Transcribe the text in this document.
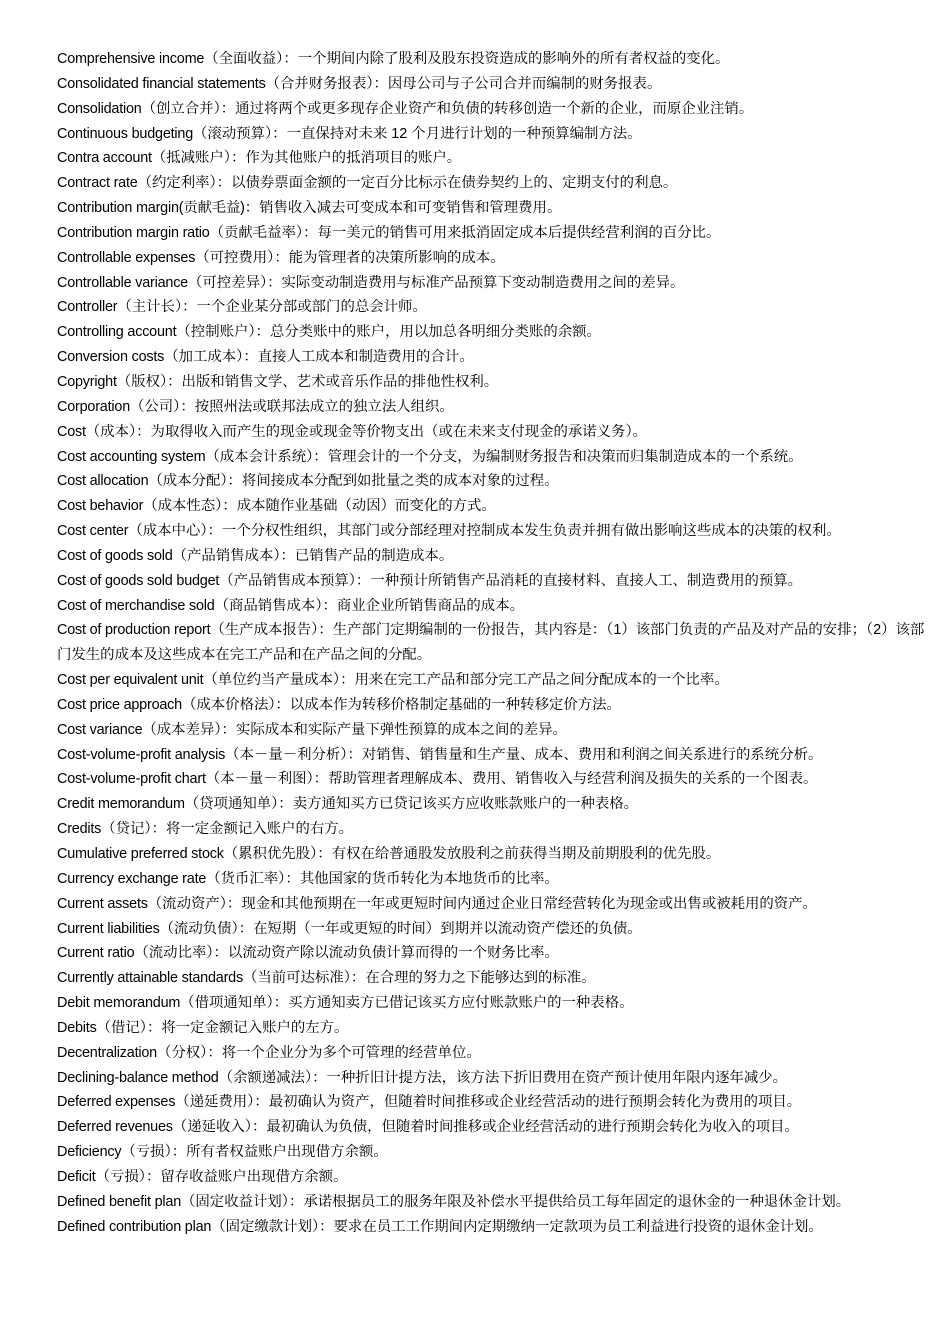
Comprehensive income（全面收益）：一个期间内除了股利及股东投资造成的影响外的所有者权益的变化。

Consolidated financial statements（合并财务报表）：因母公司与子公司合并而编制的财务报表。

Consolidation（创立合并）：通过将两个或更多现存企业资产和负债的转移创造一个新的企业，而原企业注销。

Continuous budgeting（滚动预算）：一直保持对未来 12 个月进行计划的一种预算编制方法。

Contra account（抵减账户）：作为其他账户的抵消项目的账户。

Contract rate（约定利率）：以债券票面金额的一定百分比标示在债券契约上的、定期支付的利息。

Contribution margin(贡献毛益)：销售收入减去可变成本和可变销售和管理费用。

Contribution margin ratio（贡献毛益率）：每一美元的销售可用来抵消固定成本后提供经营利润的百分比。

Controllable expenses（可控费用）：能为管理者的决策所影响的成本。

Controllable variance（可控差异）：实际变动制造费用与标准产品预算下变动制造费用之间的差异。

Controller（主计长）：一个企业某分部或部门的总会计师。

Controlling account（控制账户）：总分类账中的账户，用以加总各明细分类账的余额。

Conversion costs（加工成本）：直接人工成本和制造费用的合计。

Copyright（版权）：出版和销售文学、艺术或音乐作品的排他性权利。

Corporation（公司）：按照州法或联邦法成立的独立法人组织。

Cost（成本）：为取得收入而产生的现金或现金等价物支出（或在未来支付现金的承诺义务）。

Cost accounting system（成本会计系统）：管理会计的一个分支，为编制财务报告和决策而归集制造成本的一个系统。

Cost allocation（成本分配）：将间接成本分配到如批量之类的成本对象的过程。

Cost behavior（成本性态）：成本随作业基础（动因）而变化的方式。

Cost center（成本中心）：一个分权性组织，其部门或分部经理对控制成本发生负责并拥有做出影响这些成本的决策的权利。

Cost of goods sold（产品销售成本）：已销售产品的制造成本。

Cost of goods sold budget（产品销售成本预算）：一种预计所销售产品消耗的直接材料、直接人工、制造费用的预算。

Cost of merchandise sold（商品销售成本）：商业企业所销售商品的成本。

Cost of production report（生产成本报告）：生产部门定期编制的一份报告，其内容是：（1）该部门负责的产品及对产品的安排；（2）该部门发生的成本及这些成本在完工产品和在产品之间的分配。

Cost per equivalent unit（单位约当产量成本）：用来在完工产品和部分完工产品之间分配成本的一个比率。

Cost price approach（成本价格法）：以成本作为转移价格制定基础的一种转移定价方法。

Cost variance（成本差异）：实际成本和实际产量下弹性预算的成本之间的差异。

Cost-volume-profit analysis（本－量－利分析）：对销售、销售量和生产量、成本、费用和利润之间关系进行的系统分析。

Cost-volume-profit chart（本－量－利图）：帮助管理者理解成本、费用、销售收入与经营利润及损失的关系的一个图表。

Credit memorandum（贷项通知单）：卖方通知买方已贷记该买方应收账款账户的一种表格。

Credits（贷记）：将一定金额记入账户的右方。

Cumulative preferred stock（累积优先股）：有权在给普通股发放股利之前获得当期及前期股利的优先股。

Currency exchange rate（货币汇率）：其他国家的货币转化为本地货币的比率。

Current assets（流动资产）：现金和其他预期在一年或更短时间内通过企业日常经营转化为现金或出售或被耗用的资产。

Current liabilities（流动负债）：在短期（一年或更短的时间）到期并以流动资产偿还的负债。

Current ratio（流动比率）：以流动资产除以流动负债计算而得的一个财务比率。

Currently attainable standards（当前可达标准）：在合理的努力之下能够达到的标准。

Debit memorandum（借项通知单）：买方通知卖方已借记该买方应付账款账户的一种表格。

Debits（借记）：将一定金额记入账户的左方。

Decentralization（分权）：将一个企业分为多个可管理的经营单位。

Declining-balance method（余额递减法）：一种折旧计提方法，该方法下折旧费用在资产预计使用年限内逐年减少。

Deferred expenses（递延费用）：最初确认为资产，但随着时间推移或企业经营活动的进行预期会转化为费用的项目。

Deferred revenues（递延收入）：最初确认为负债，但随着时间推移或企业经营活动的进行预期会转化为收入的项目。

Deficiency（亏损）：所有者权益账户出现借方余额。

Deficit（亏损）：留存收益账户出现借方余额。

Defined benefit plan（固定收益计划）：承诺根据员工的服务年限及补偿水平提供给员工每年固定的退休金的一种退休金计划。

Defined contribution plan（固定缴款计划）：要求在员工工作期间内定期缴纳一定款项为员工利益进行投资的退休金计划。
